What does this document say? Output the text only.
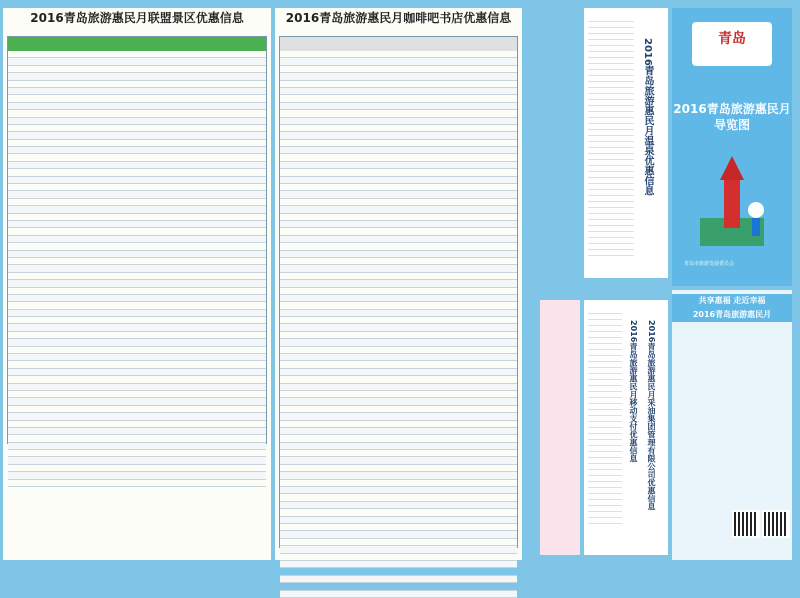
2016青岛旅游惠民月联盟景区优惠信息	2016青岛旅游惠民月咖啡吧书店优惠信息
2016青岛旅游惠民月温泉优惠信息
2016青岛旅游惠民月采油集团管理有限公司优惠信息
2016青岛旅游惠民月移动支付优惠信息
青岛
2016青岛旅游惠民月
导览图
青岛市旅游发展委员会
共享惠福 走近幸福
2016青岛旅游惠民月
